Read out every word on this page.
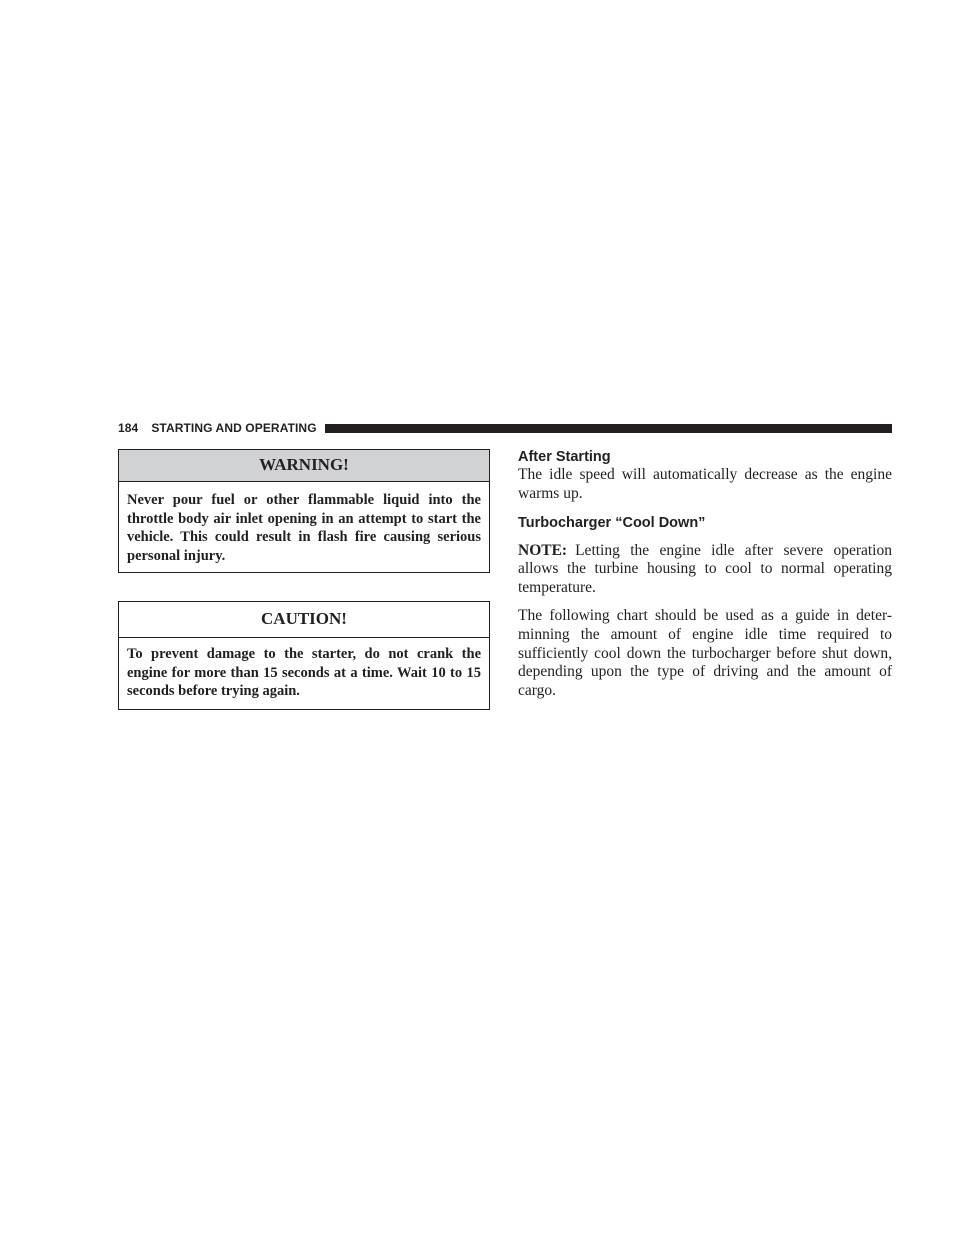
184 STARTING AND OPERATING
WARNING!
Never pour fuel or other flammable liquid into the throttle body air inlet opening in an attempt to start the vehicle. This could result in flash fire causing serious personal injury.
CAUTION!
To prevent damage to the starter, do not crank the engine for more than 15 seconds at a time. Wait 10 to 15 seconds before trying again.
After Starting

The idle speed will automatically decrease as the engine warms up.

Turbocharger “Cool Down”

NOTE: Letting the engine idle after severe operation allows the turbine housing to cool to normal operating temperature.

The following chart should be used as a guide in deter-minning the amount of engine idle time required to sufficiently cool down the turbocharger before shut down, depending upon the type of driving and the amount of cargo.
